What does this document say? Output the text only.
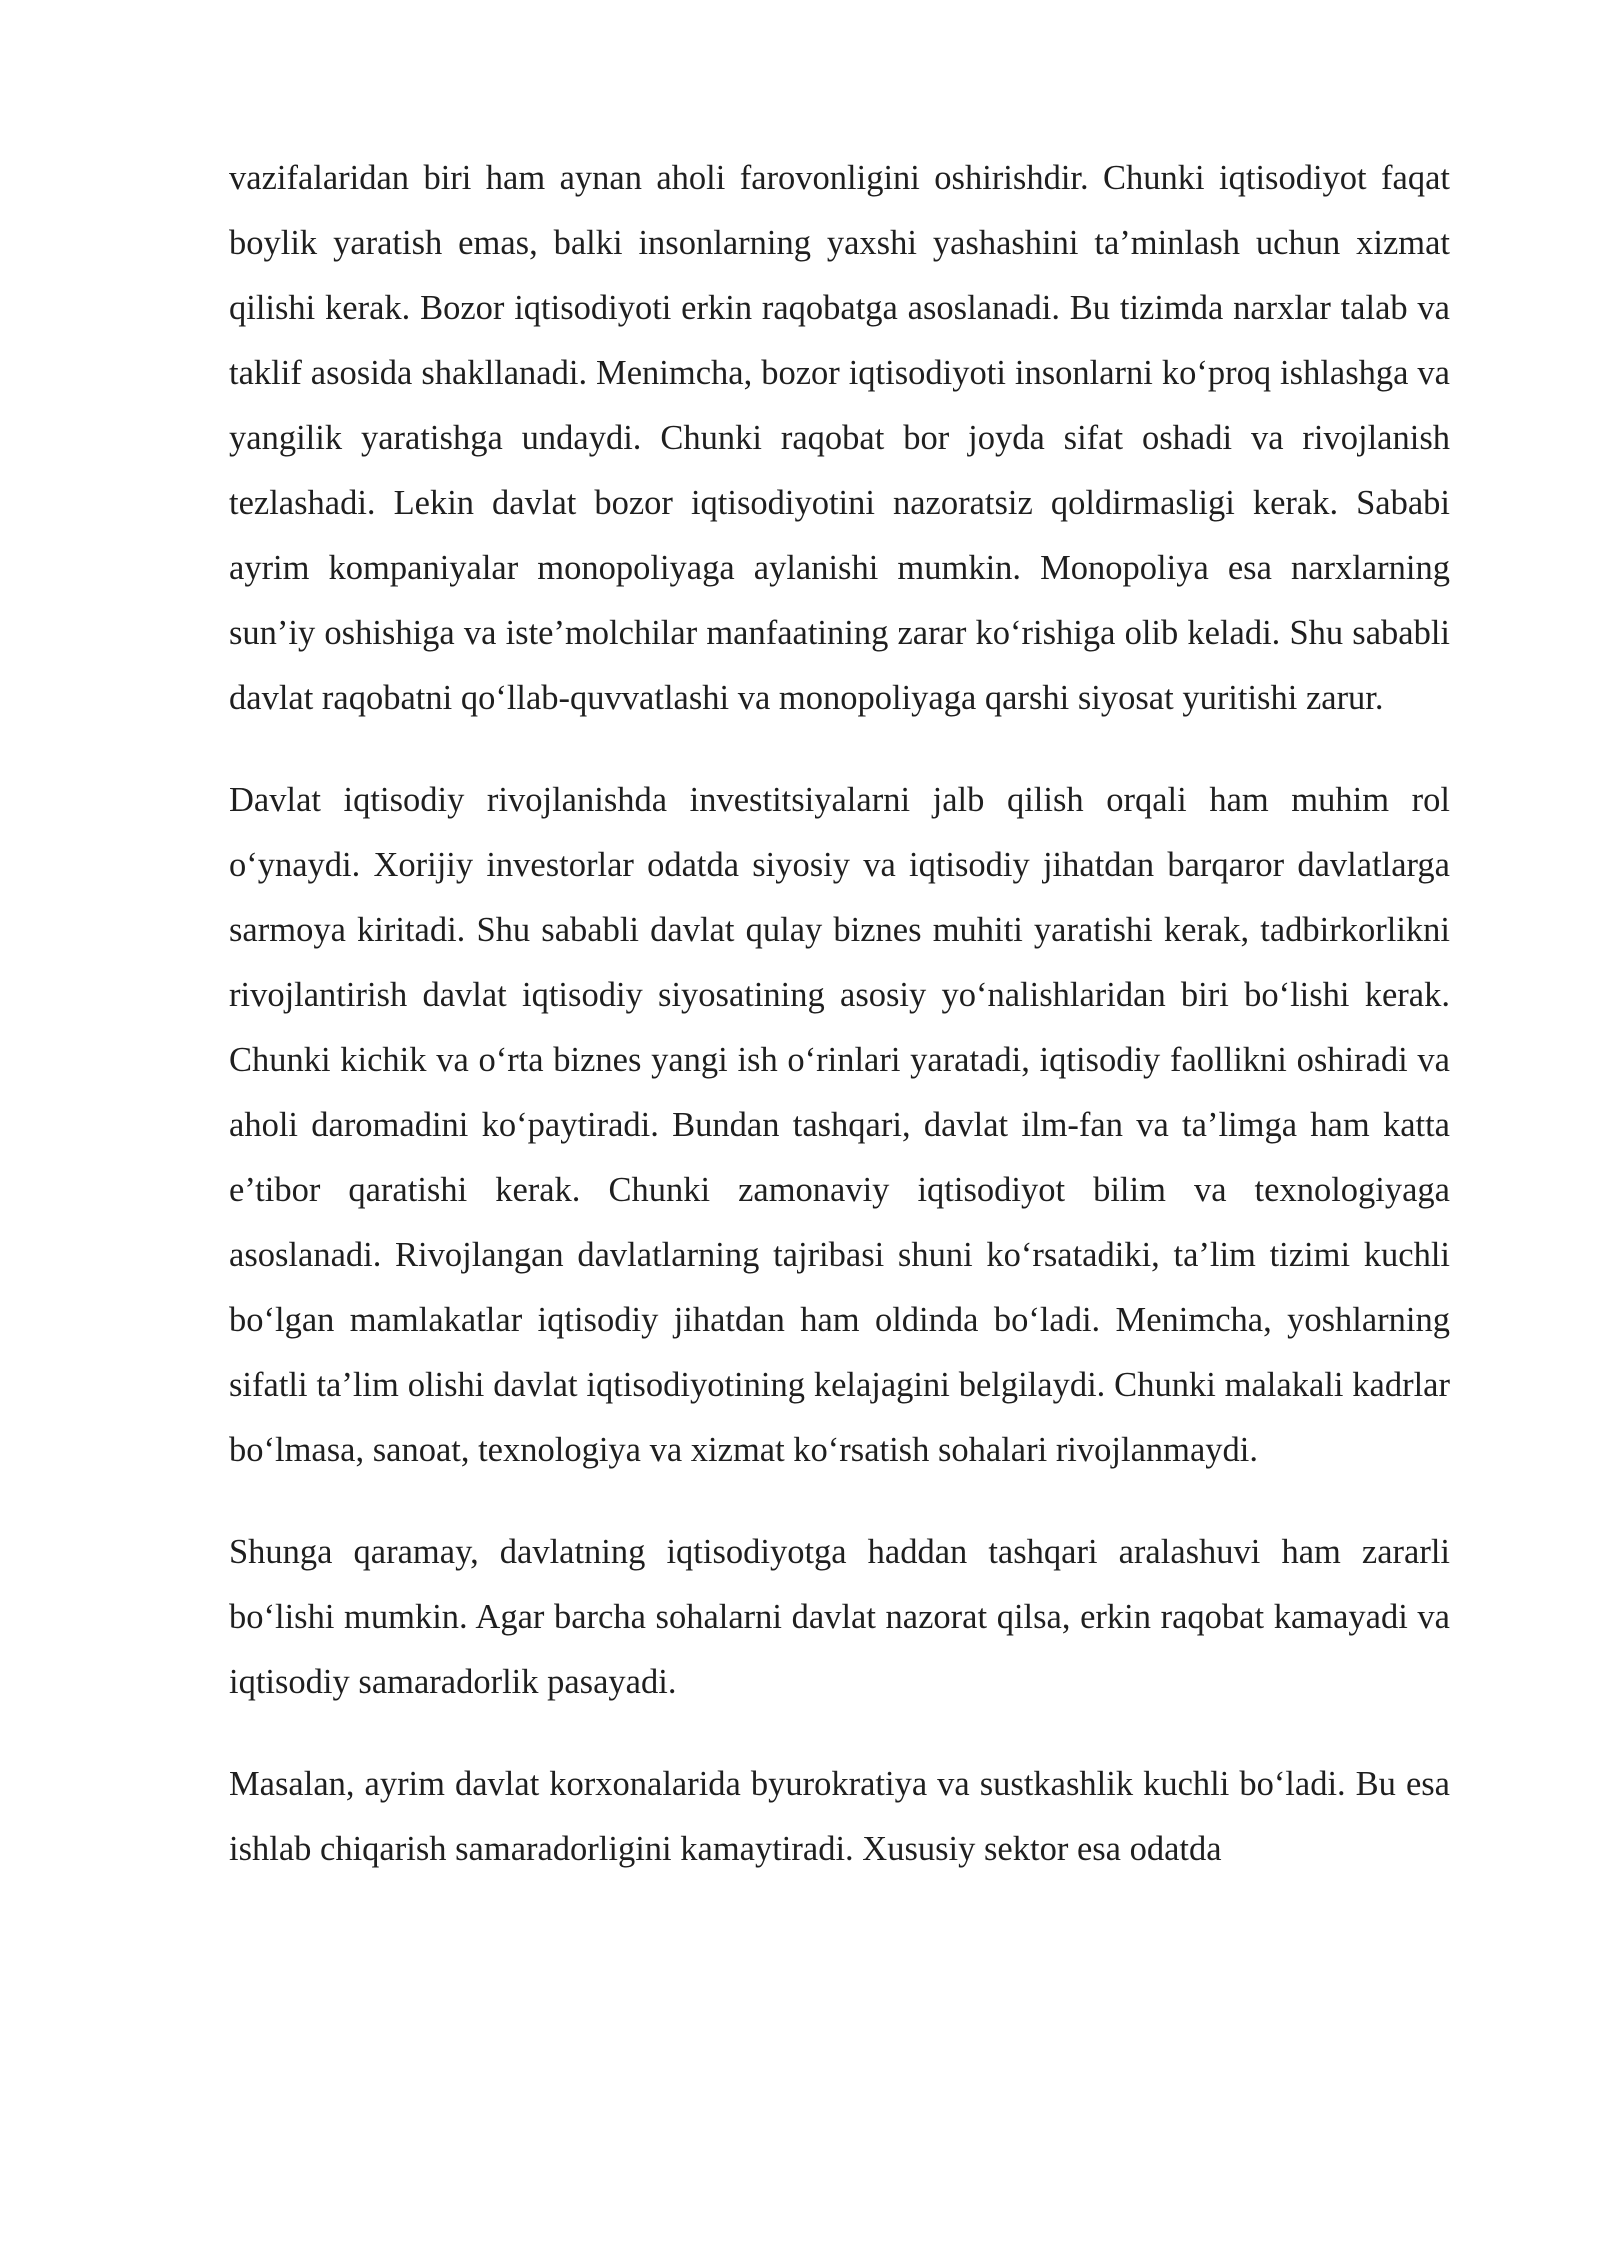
vazifalaridan biri ham aynan aholi farovonligini oshirishdir. Chunki iqtisodiyot faqat boylik yaratish emas, balki insonlarning yaxshi yashashini ta’minlash uchun xizmat qilishi kerak. Bozor iqtisodiyoti erkin raqobatga asoslanadi. Bu tizimda narxlar talab va taklif asosida shakllanadi. Menimcha, bozor iqtisodiyoti insonlarni ko‘proq ishlashga va yangilik yaratishga undaydi. Chunki raqobat bor joyda sifat oshadi va rivojlanish tezlashadi. Lekin davlat bozor iqtisodiyotini nazoratsiz qoldirmasligi kerak. Sababi ayrim kompaniyalar monopoliyaga aylanishi mumkin. Monopoliya esa narxlarning sun’iy oshishiga va iste’molchilar manfaatining zarar ko‘rishiga olib keladi. Shu sababli davlat raqobatni qo‘llab-quvvatlashi va monopoliyaga qarshi siyosat yuritishi zarur.

Davlat iqtisodiy rivojlanishda investitsiyalarni jalb qilish orqali ham muhim rol o‘ynaydi. Xorijiy investorlar odatda siyosiy va iqtisodiy jihatdan barqaror davlatlarga sarmoya kiritadi. Shu sababli davlat qulay biznes muhiti yaratishi kerak, tadbirkorlikni rivojlantirish davlat iqtisodiy siyosatining asosiy yo‘nalishlaridan biri bo‘lishi kerak. Chunki kichik va o‘rta biznes yangi ish o‘rinlari yaratadi, iqtisodiy faollikni oshiradi va aholi daromadini ko‘paytiradi. Bundan tashqari, davlat ilm-fan va ta’limga ham katta e’tibor qaratishi kerak. Chunki zamonaviy iqtisodiyot bilim va texnologiyaga asoslanadi. Rivojlangan davlatlarning tajribasi shuni ko‘rsatadiki, ta’lim tizimi kuchli bo‘lgan mamlakatlar iqtisodiy jihatdan ham oldinda bo‘ladi. Menimcha, yoshlarning sifatli ta’lim olishi davlat iqtisodiyotining kelajagini belgilaydi. Chunki malakali kadrlar bo‘lmasa, sanoat, texnologiya va xizmat ko‘rsatish sohalari rivojlanmaydi.

Shunga qaramay, davlatning iqtisodiyotga haddan tashqari aralashuvi ham zararli bo‘lishi mumkin. Agar barcha sohalarni davlat nazorat qilsa, erkin raqobat kamayadi va iqtisodiy samaradorlik pasayadi.

Masalan, ayrim davlat korxonalarida byurokratiya va sustkashlik kuchli bo‘ladi. Bu esa ishlab chiqarish samaradorligini kamaytiradi. Xususiy sektor esa odatda
